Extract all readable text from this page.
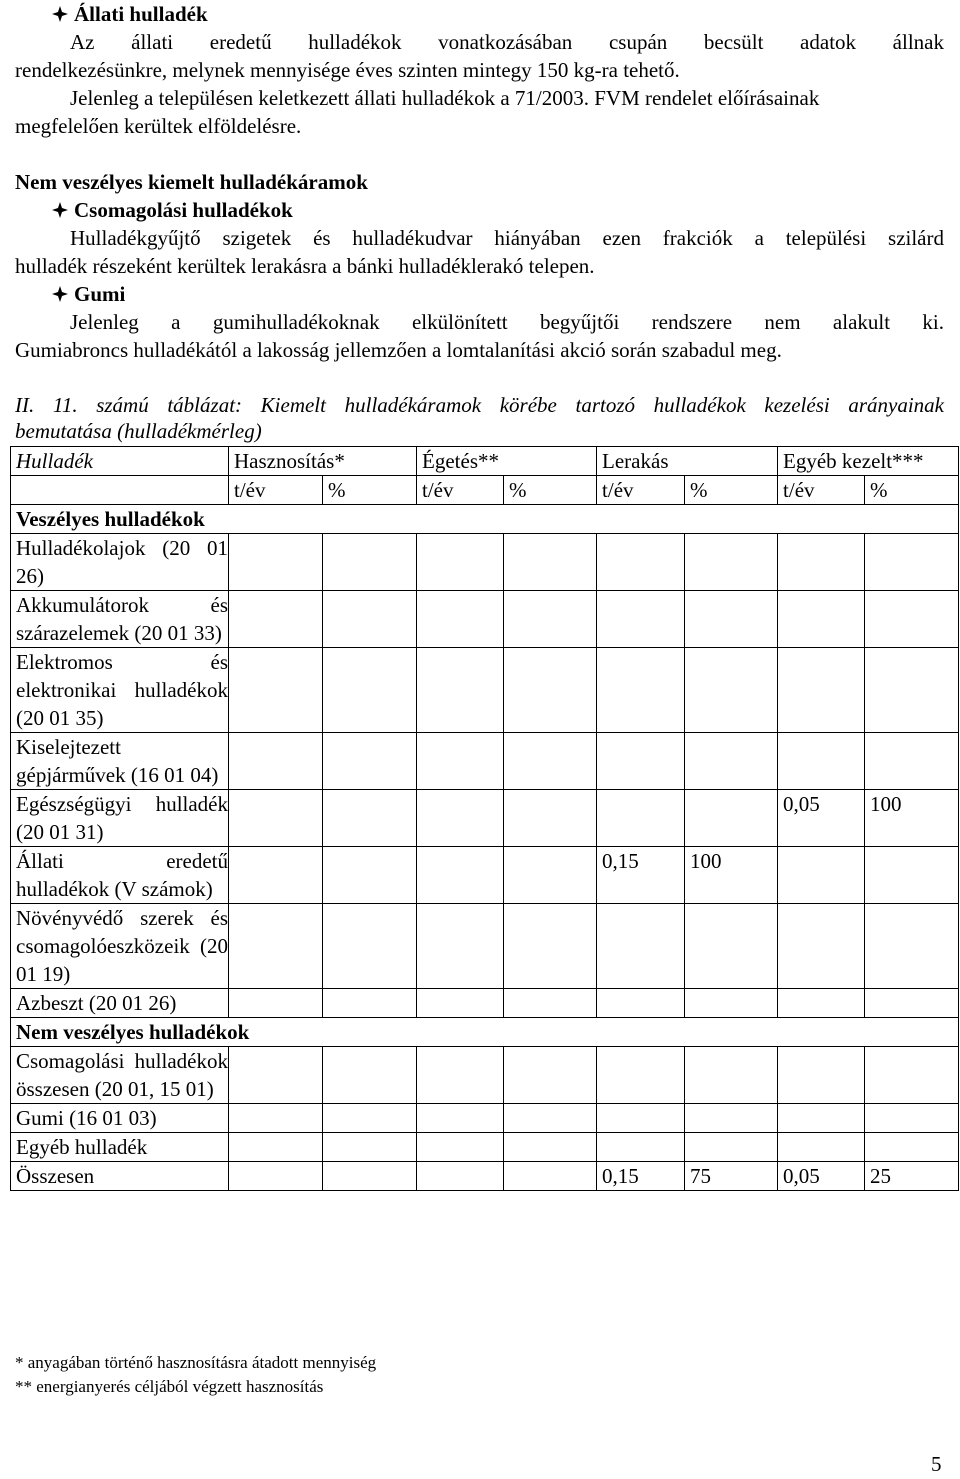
Állati hulladék
Az állati eredetű hulladékok vonatkozásában csupán becsült adatok állnak
rendelkezésünkre, melynek mennyisége éves szinten mintegy 150 kg-ra tehető.
Jelenleg a településen keletkezett állati hulladékok a 71/2003. FVM rendelet előírásainak
megfelelően kerültek elföldelésre.
Nem veszélyes kiemelt hulladékáramok
Csomagolási hulladékok
Hulladékgyűjtő szigetek és hulladékudvar hiányában ezen frakciók a települési szilárd
hulladék részeként kerültek lerakásra a bánki hulladéklerakó telepen.
Gumi
Jelenleg a gumihulladékoknak elkülönített begyűjtői rendszere nem alakult ki.
Gumiabroncs hulladékától a lakosság jellemzően a lomtalanítási akció során szabadul meg.
II. 11. számú táblázat: Kiemelt hulladékáramok körébe tartozó hulladékok kezelési arányainak
bemutatása (hulladékmérleg)
Hulladék	Hasznosítás*		Égetés**		Lerakás		Egyéb kezelt***	
	t/év	%	t/év	%	t/év	%	t/év	%
Veszélyes hulladékok								
Hulladékolajok (20 01 26)								
Akkumulátorok és szárazelemek (20 01 33)								
Elektromos és elektronikai hulladékok (20 01 35)								
Kiselejtezett gépjárművek (16 01 04)								
Egészségügyi hulladék (20 01 31)							0,05	100
Állati eredetű hulladékok (V számok)					0,15	100		
Növényvédő szerek és csomagolóeszközeik (20 01 19)								
Azbeszt (20 01 26)								
Nem veszélyes hulladékok								
Csomagolási hulladékok összesen (20 01, 15 01)								
Gumi (16 01 03)								
Egyéb hulladék								
Összesen					0,15	75	0,05	25
* anyagában történő hasznosításra átadott mennyiség
** energianyerés céljából végzett hasznosítás
5
